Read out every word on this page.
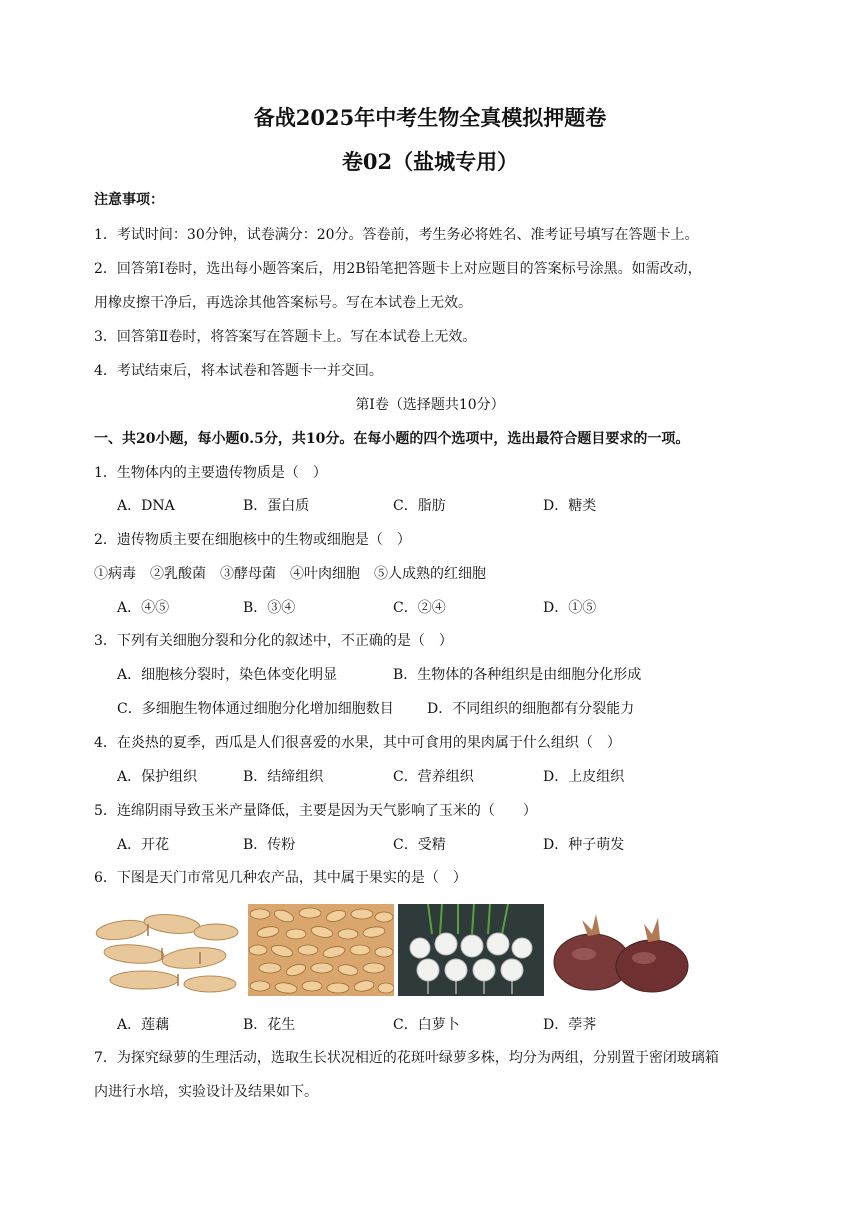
备战2025年中考生物全真模拟押题卷
卷02（盐城专用）
注意事项：
1．考试时间：30分钟，试卷满分：20分。答卷前，考生务必将姓名、准考证号填写在答题卡上。
2．回答第Ⅰ卷时，选出每小题答案后，用2B铅笔把答题卡上对应题目的答案标号涂黑。如需改动，
用橡皮擦干净后，再选涂其他答案标号。写在本试卷上无效。
3．回答第Ⅱ卷时，将答案写在答题卡上。写在本试卷上无效。
4．考试结束后，将本试卷和答题卡一并交回。
第Ⅰ卷（选择题共10分）
一、共20小题，每小题0.5分，共10分。在每小题的四个选项中，选出最符合题目要求的一项。
1．生物体内的主要遗传物质是（　）
A．DNA	B．蛋白质	C．脂肪	D．糖类
2．遗传物质主要在细胞核中的生物或细胞是（　）
①病毒　②乳酸菌　③酵母菌　④叶肉细胞　⑤人成熟的红细胞
A．④⑤	B．③④	C．②④	D．①⑤
3．下列有关细胞分裂和分化的叙述中，不正确的是（　）
A．细胞核分裂时，染色体变化明显	B．生物体的各种组织是由细胞分化形成
C．多细胞生物体通过细胞分化增加细胞数目 D．不同组织的细胞都有分裂能力
4．在炎热的夏季，西瓜是人们很喜爱的水果，其中可食用的果肉属于什么组织（　）
A．保护组织	B．结缔组织	C．营养组织	D．上皮组织
5．连绵阴雨导致玉米产量降低，主要是因为天气影响了玉米的（　　）
A．开花	B．传粉	C．受精	D．种子萌发
6．下图是天门市常见几种农产品，其中属于果实的是（　）
A．莲藕	B．花生	C．白萝卜	D．荸荠
7．为探究绿萝的生理活动，选取生长状况相近的花斑叶绿萝多株，均分为两组，分别置于密闭玻璃箱
内进行水培，实验设计及结果如下。
